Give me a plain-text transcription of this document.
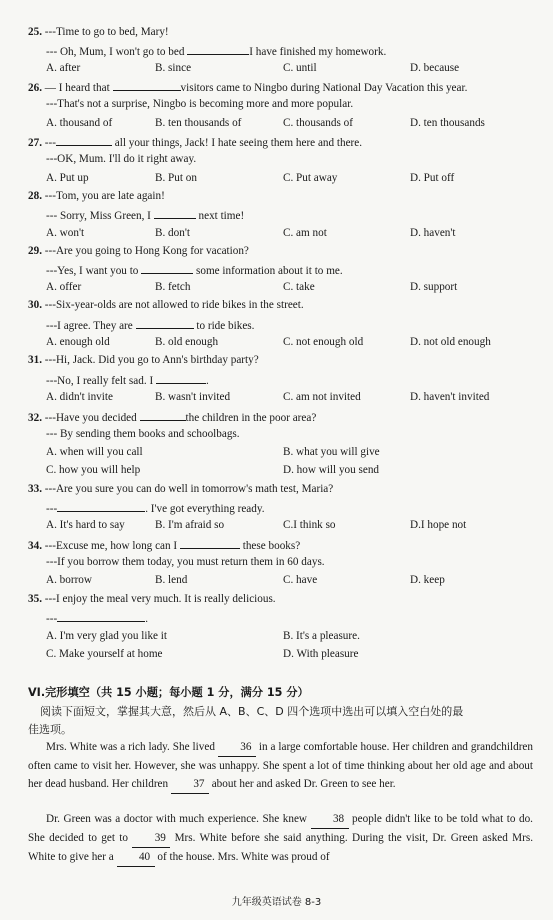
25. ---Time to go to bed, Mary!
--- Oh, Mum, I won't go to bed	I have finished my homework.
A. after	B. since	C. until	D. because
26. — I heard that	visitors came to Ningbo during National Day Vacation this year.
---That's not a surprise, Ningbo is becoming more and more popular.
A. thousand of	B. ten thousands of	C. thousands of	D. ten thousands
27. ---	all your things, Jack! I hate seeing them here and there.
---OK, Mum. I'll do it right away.
A. Put up	B. Put on	C. Put away	D. Put off
28. ---Tom, you are late again!
--- Sorry, Miss Green, I	next time!
A. won't	B. don't	C. am not	D. haven't
29. ---Are you going to Hong Kong for vacation?
---Yes, I want you to	some information about it to me.
A. offer	B. fetch	C. take	D. support
30. ---Six-year-olds are not allowed to ride bikes in the street.
---I agree. They are	to ride bikes.
A. enough old	B. old enough	C. not enough old	D. not old enough
31. ---Hi, Jack. Did you go to Ann's birthday party?
---No, I really felt sad. I	.
A. didn't invite	B. wasn't invited	C. am not invited	D. haven't invited
32. ---Have you decided	the children in the poor area?
--- By sending them books and schoolbags.
A. when will you call	B. what you will give
C. how you will help	D. how will you send
33. ---Are you sure you can do well in tomorrow's math test, Maria?
---	. I've got everything ready.
A. It's hard to say	B. I'm afraid so	C.I think so	D.I hope not
34. ---Excuse me, how long can I	these books?
---If you borrow them today, you must return them in 60 days.
A. borrow	B. lend	C. have	D. keep
35. ---I enjoy the meal very much. It is really delicious.
---	.
A. I'm very glad you like it	B. It's a pleasure.
C. Make yourself at home	D. With pleasure
VI.完形填空（共 15 小题；每小题 1 分，满分 15 分）
阅读下面短文，掌握其大意，然后从 A、B、C、D 四个选项中选出可以填入空白处的最
佳选项。
Mrs. White was a rich lady. She lived 36 in a large comfortable house. Her children and grandchildren often came to visit her. However, she was unhappy. She spent a lot of time thinking about her old age and about her dead husband. Her children 37 about her and asked Dr. Green to see her.
Dr. Green was a doctor with much experience. She knew 38 people didn't like to be told what to do. She decided to get to 39 Mrs. White before she said anything. During the visit, Dr. Green asked Mrs. White to give her a 40 of the house. Mrs. White was proud of
九年级英语试卷 8-3
